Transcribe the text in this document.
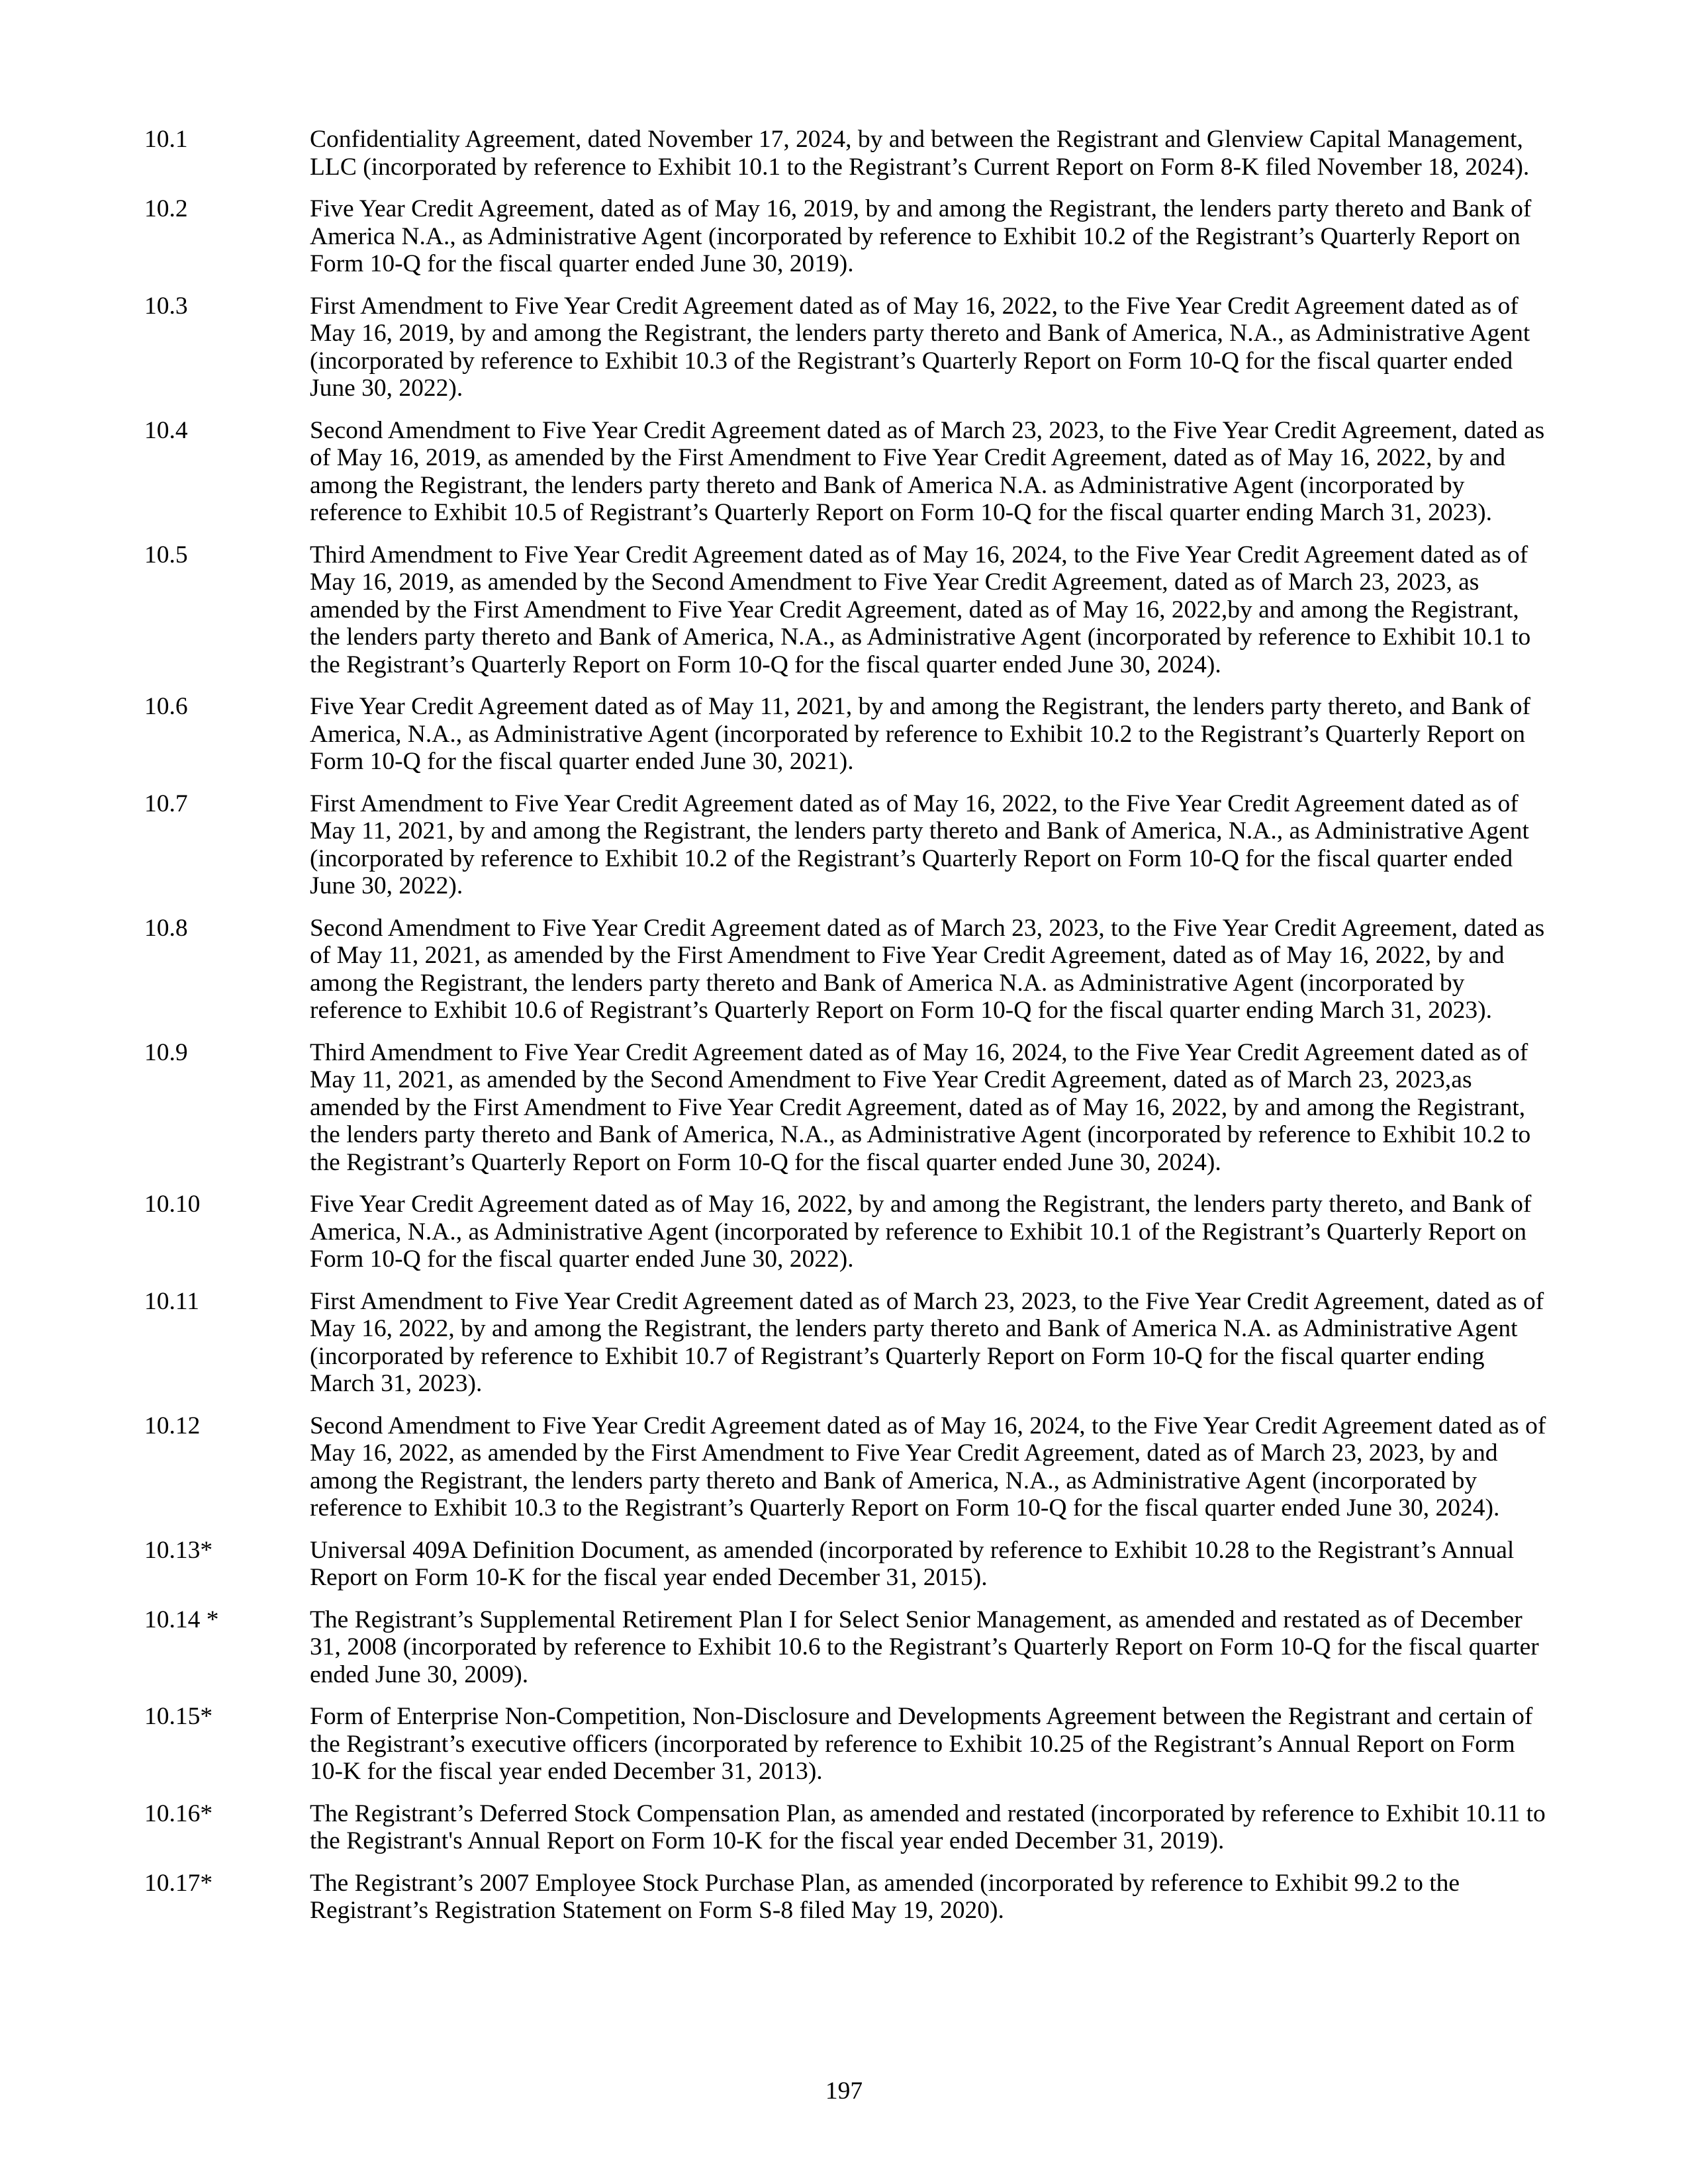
10.1	Confidentiality Agreement, dated November 17, 2024, by and between the Registrant and Glenview Capital Management, LLC (incorporated by reference to Exhibit 10.1 to the Registrant’s Current Report on Form 8-K filed November 18, 2024).
10.2	Five Year Credit Agreement, dated as of May 16, 2019, by and among the Registrant, the lenders party thereto and Bank of America N.A., as Administrative Agent (incorporated by reference to Exhibit 10.2 of the Registrant’s Quarterly Report on Form 10-Q for the fiscal quarter ended June 30, 2019).
10.3	First Amendment to Five Year Credit Agreement dated as of May 16, 2022, to the Five Year Credit Agreement dated as of May 16, 2019, by and among the Registrant, the lenders party thereto and Bank of America, N.A., as Administrative Agent (incorporated by reference to Exhibit 10.3 of the Registrant’s Quarterly Report on Form 10-Q for the fiscal quarter ended June 30, 2022).
10.4	Second Amendment to Five Year Credit Agreement dated as of March 23, 2023, to the Five Year Credit Agreement, dated as of May 16, 2019, as amended by the First Amendment to Five Year Credit Agreement, dated as of May 16, 2022, by and among the Registrant, the lenders party thereto and Bank of America N.A. as Administrative Agent (incorporated by reference to Exhibit 10.5 of Registrant’s Quarterly Report on Form 10-Q for the fiscal quarter ending March 31, 2023).
10.5	Third Amendment to Five Year Credit Agreement dated as of May 16, 2024, to the Five Year Credit Agreement dated as of May 16, 2019, as amended by the Second Amendment to Five Year Credit Agreement, dated as of March 23, 2023, as amended by the First Amendment to Five Year Credit Agreement, dated as of May 16, 2022,by and among the Registrant, the lenders party thereto and Bank of America, N.A., as Administrative Agent (incorporated by reference to Exhibit 10.1 to the Registrant’s Quarterly Report on Form 10-Q for the fiscal quarter ended June 30, 2024).
10.6	Five Year Credit Agreement dated as of May 11, 2021, by and among the Registrant, the lenders party thereto, and Bank of America, N.A., as Administrative Agent (incorporated by reference to Exhibit 10.2 to the Registrant’s Quarterly Report on Form 10-Q for the fiscal quarter ended June 30, 2021).
10.7	First Amendment to Five Year Credit Agreement dated as of May 16, 2022, to the Five Year Credit Agreement dated as of May 11, 2021, by and among the Registrant, the lenders party thereto and Bank of America, N.A., as Administrative Agent (incorporated by reference to Exhibit 10.2 of the Registrant’s Quarterly Report on Form 10-Q for the fiscal quarter ended June 30, 2022).
10.8	Second Amendment to Five Year Credit Agreement dated as of March 23, 2023, to the Five Year Credit Agreement, dated as of May 11, 2021, as amended by the First Amendment to Five Year Credit Agreement, dated as of May 16, 2022, by and among the Registrant, the lenders party thereto and Bank of America N.A. as Administrative Agent (incorporated by reference to Exhibit 10.6 of Registrant’s Quarterly Report on Form 10-Q for the fiscal quarter ending March 31, 2023).
10.9	Third Amendment to Five Year Credit Agreement dated as of May 16, 2024, to the Five Year Credit Agreement dated as of May 11, 2021, as amended by the Second Amendment to Five Year Credit Agreement, dated as of March 23, 2023,as amended by the First Amendment to Five Year Credit Agreement, dated as of May 16, 2022, by and among the Registrant, the lenders party thereto and Bank of America, N.A., as Administrative Agent (incorporated by reference to Exhibit 10.2 to the Registrant’s Quarterly Report on Form 10-Q for the fiscal quarter ended June 30, 2024).
10.10	Five Year Credit Agreement dated as of May 16, 2022, by and among the Registrant, the lenders party thereto, and Bank of America, N.A., as Administrative Agent (incorporated by reference to Exhibit 10.1 of the Registrant’s Quarterly Report on Form 10-Q for the fiscal quarter ended June 30, 2022).
10.11	First Amendment to Five Year Credit Agreement dated as of March 23, 2023, to the Five Year Credit Agreement, dated as of May 16, 2022, by and among the Registrant, the lenders party thereto and Bank of America N.A. as Administrative Agent (incorporated by reference to Exhibit 10.7 of Registrant’s Quarterly Report on Form 10-Q for the fiscal quarter ending March 31, 2023).
10.12	Second Amendment to Five Year Credit Agreement dated as of May 16, 2024, to the Five Year Credit Agreement dated as of May 16, 2022, as amended by the First Amendment to Five Year Credit Agreement, dated as of March 23, 2023, by and among the Registrant, the lenders party thereto and Bank of America, N.A., as Administrative Agent (incorporated by reference to Exhibit 10.3 to the Registrant’s Quarterly Report on Form 10-Q for the fiscal quarter ended June 30, 2024).
10.13*	Universal 409A Definition Document, as amended (incorporated by reference to Exhibit 10.28 to the Registrant’s Annual Report on Form 10-K for the fiscal year ended December 31, 2015).
10.14 *	The Registrant’s Supplemental Retirement Plan I for Select Senior Management, as amended and restated as of December 31, 2008 (incorporated by reference to Exhibit 10.6 to the Registrant’s Quarterly Report on Form 10-Q for the fiscal quarter ended June 30, 2009).
10.15*	Form of Enterprise Non-Competition, Non-Disclosure and Developments Agreement between the Registrant and certain of the Registrant’s executive officers (incorporated by reference to Exhibit 10.25 of the Registrant’s Annual Report on Form 10-K for the fiscal year ended December 31, 2013).
10.16*	The Registrant’s Deferred Stock Compensation Plan, as amended and restated (incorporated by reference to Exhibit 10.11 to the Registrant's Annual Report on Form 10-K for the fiscal year ended December 31, 2019).
10.17*	The Registrant’s 2007 Employee Stock Purchase Plan, as amended (incorporated by reference to Exhibit 99.2 to the Registrant’s Registration Statement on Form S-8 filed May 19, 2020).
197
